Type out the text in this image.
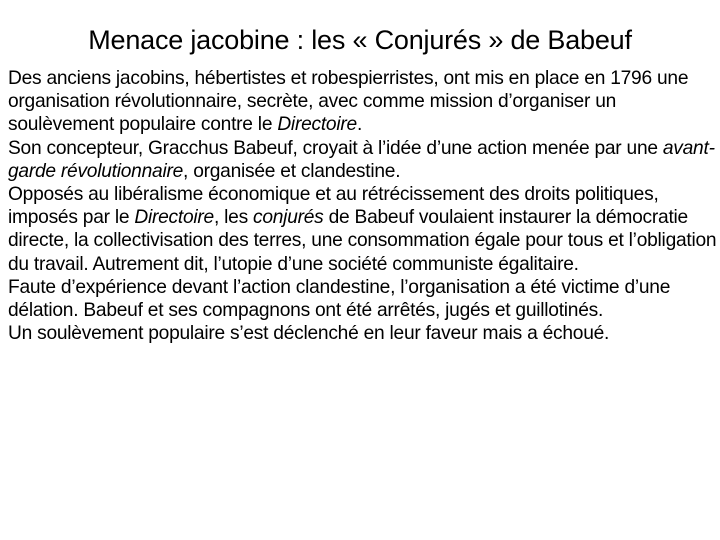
Menace jacobine : les « Conjurés » de Babeuf

Des anciens jacobins, hébertistes et robespierristes, ont mis en place en 1796 une organisation révolutionnaire, secrète, avec comme mission d’organiser un soulèvement populaire contre le Directoire.

Son concepteur, Gracchus Babeuf, croyait à l’idée d’une action menée par une avant-garde révolutionnaire, organisée et clandestine.

Opposés au libéralisme économique et au rétrécissement des droits politiques, imposés par le Directoire, les conjurés de Babeuf voulaient instaurer la démocratie directe, la collectivisation des terres, une consommation égale pour tous et l’obligation du travail. Autrement dit, l’utopie d’une société communiste égalitaire.

Faute d’expérience devant l’action clandestine, l’organisation a été victime d’une délation. Babeuf et ses compagnons ont été arrêtés, jugés et guillotinés.

Un soulèvement populaire s’est déclenché en leur faveur mais a échoué.
